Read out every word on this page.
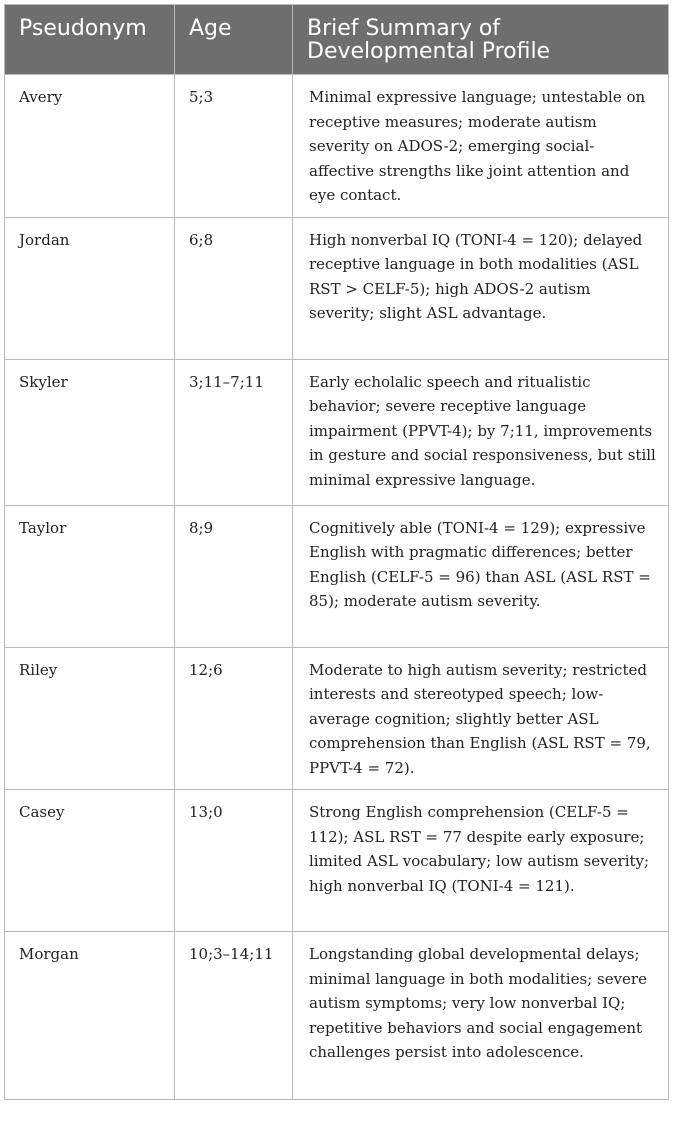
Pseudonym	Age	Brief Summary of Developmental Profile
Avery	5;3	Minimal expressive language; untestable on receptive measures; moderate autism severity on ADOS-2; emerging social-affective strengths like joint attention and eye contact.
Jordan	6;8	High nonverbal IQ (TONI-4 = 120); delayed receptive language in both modalities (ASL RST > CELF-5); high ADOS-2 autism severity; slight ASL advantage.
Skyler	3;11–7;11	Early echolalic speech and ritualistic behavior; severe receptive language impairment (PPVT-4); by 7;11, improvements in gesture and social responsiveness, but still minimal expressive language.
Taylor	8;9	Cognitively able (TONI-4 = 129); expressive English with pragmatic differences; better English (CELF-5 = 96) than ASL (ASL RST = 85); moderate autism severity.
Riley	12;6	Moderate to high autism severity; restricted interests and stereotyped speech; low-average cognition; slightly better ASL comprehension than English (ASL RST = 79, PPVT-4 = 72).
Casey	13;0	Strong English comprehension (CELF-5 = 112); ASL RST = 77 despite early exposure; limited ASL vocabulary; low autism severity; high nonverbal IQ (TONI-4 = 121).
Morgan	10;3–14;11	Longstanding global developmental delays; minimal language in both modalities; severe autism symptoms; very low nonverbal IQ; repetitive behaviors and social engagement challenges persist into adolescence.
